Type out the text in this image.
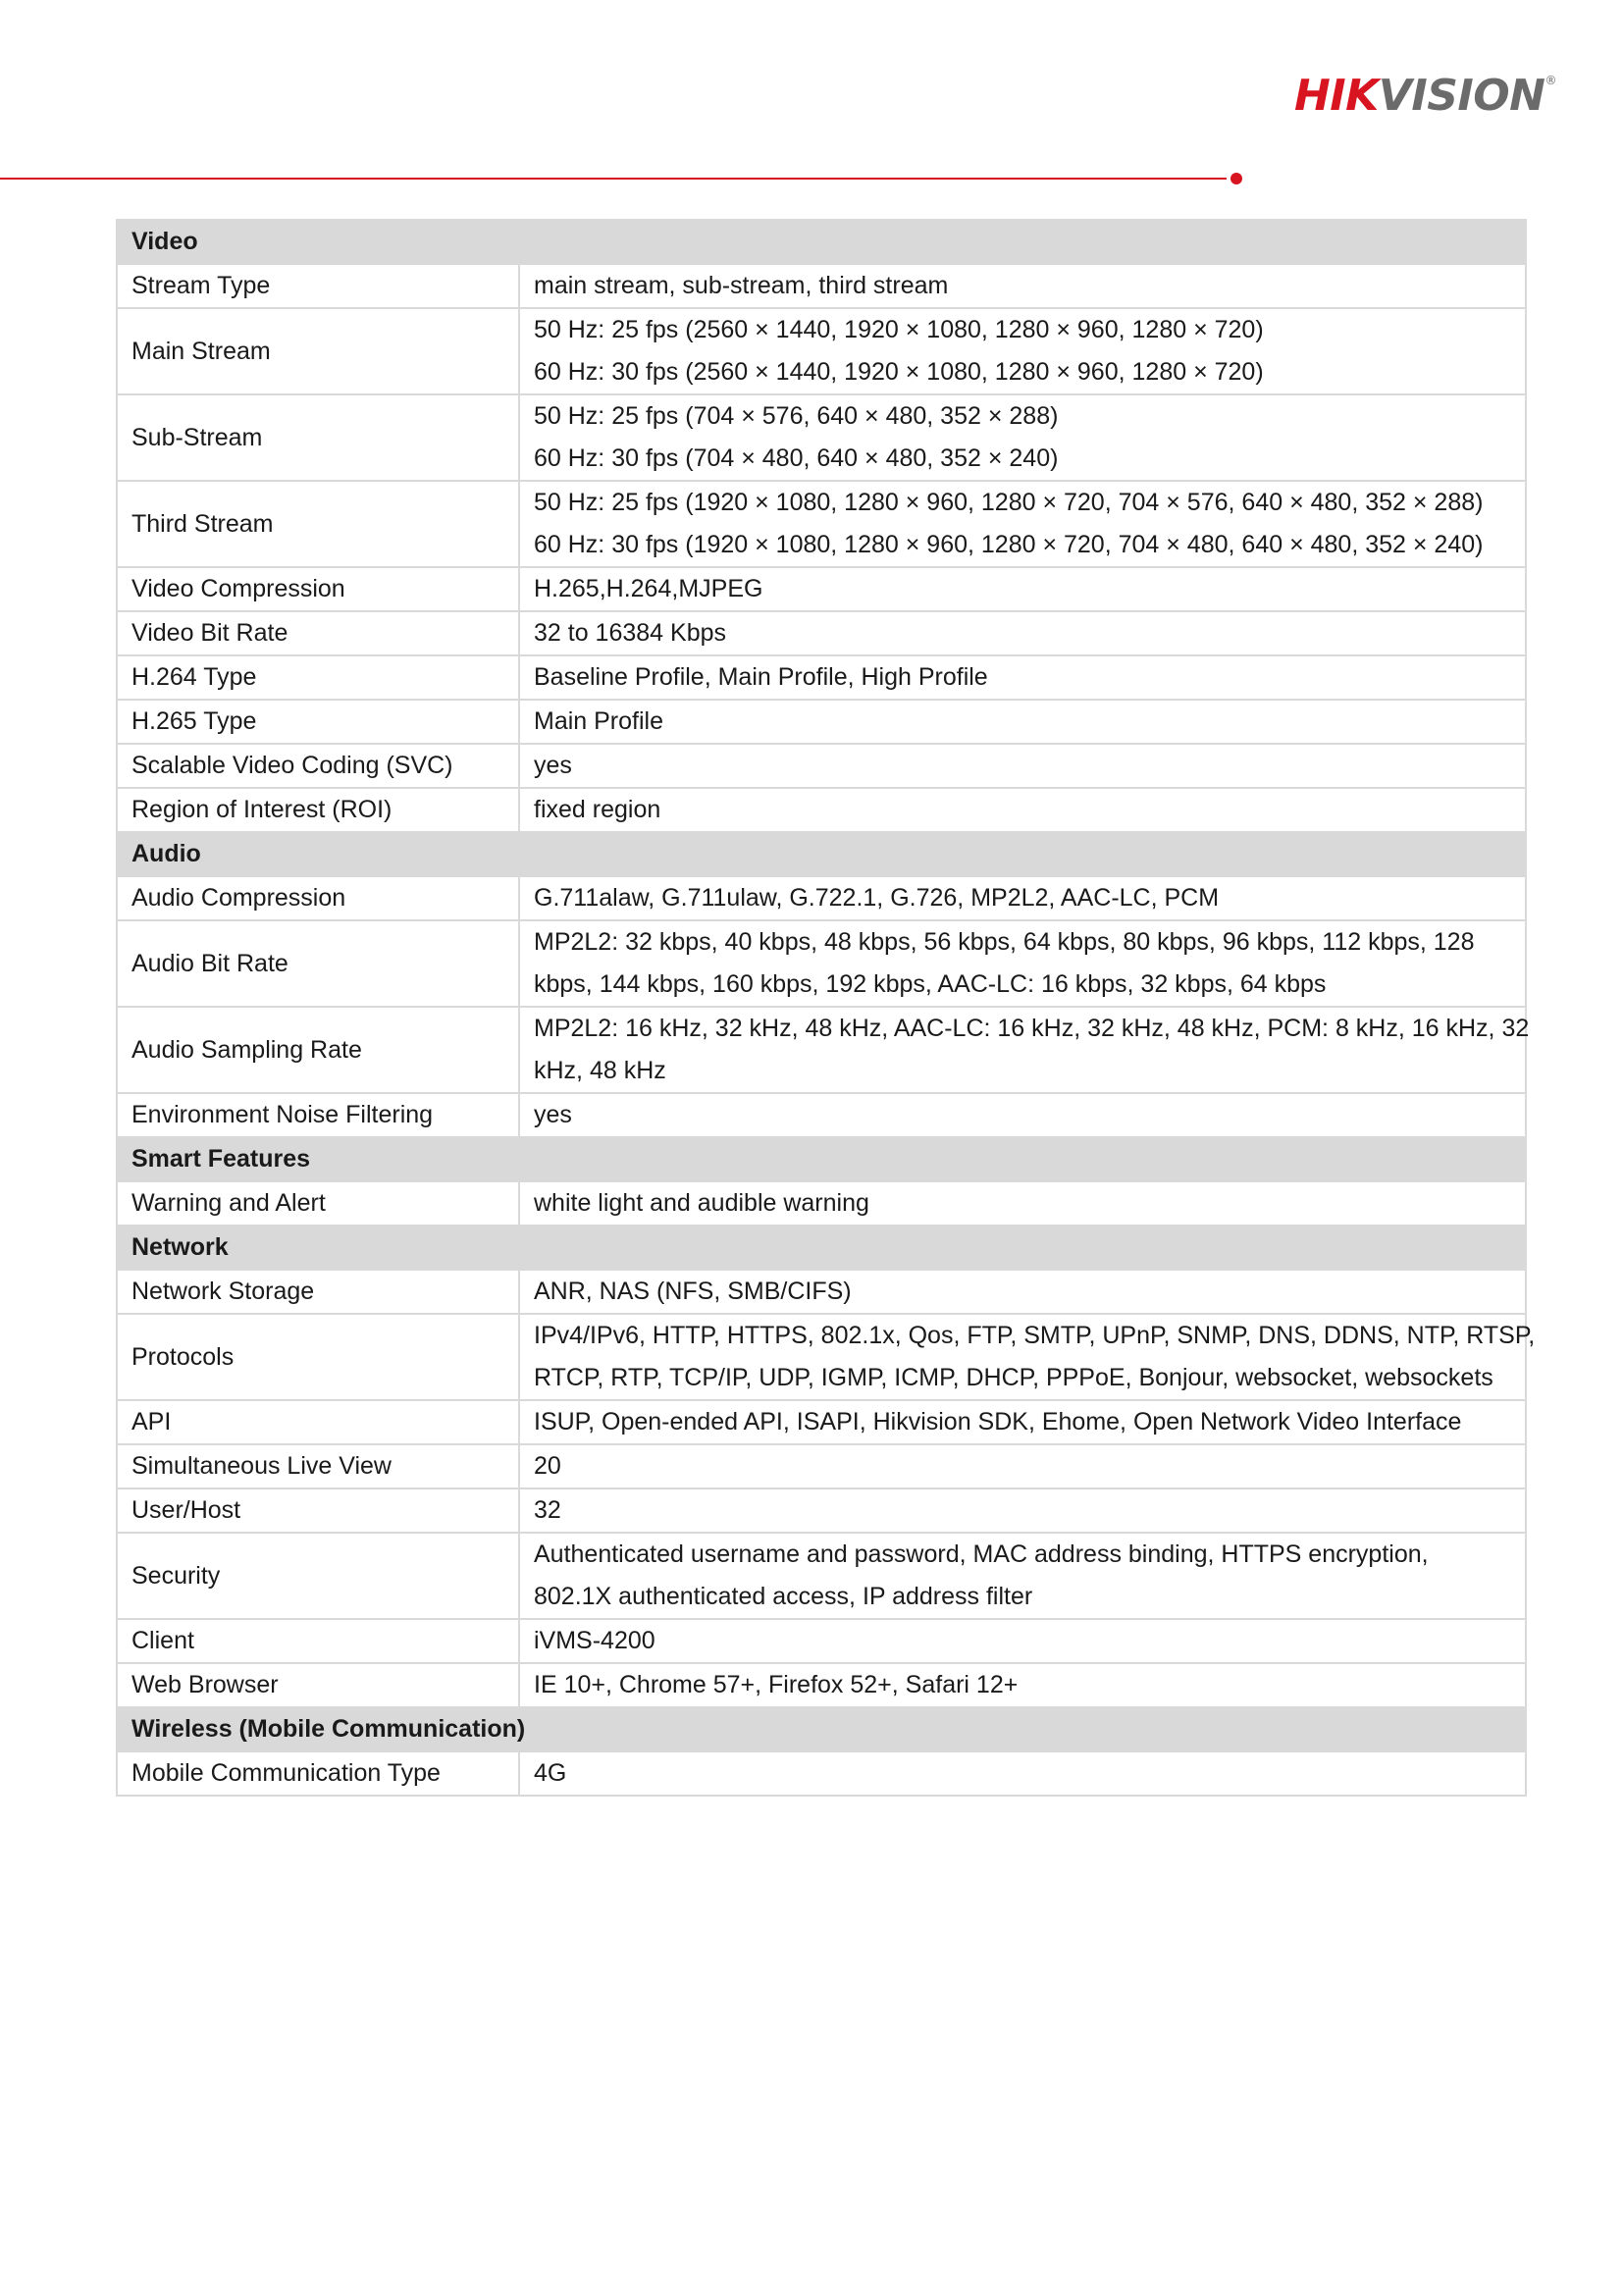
HIKVISION®
Video	
Stream Type	main stream, sub-stream, third stream

Main Stream	50 Hz: 25 fps (2560 × 1440, 1920 × 1080, 1280 × 960, 1280 × 720)
60 Hz: 30 fps (2560 × 1440, 1920 × 1080, 1280 × 960, 1280 × 720)

Sub-Stream	50 Hz: 25 fps (704 × 576, 640 × 480, 352 × 288)
60 Hz: 30 fps (704 × 480, 640 × 480, 352 × 240)

Third Stream	50 Hz: 25 fps (1920 × 1080, 1280 × 960, 1280 × 720, 704 × 576, 640 × 480, 352 × 288)
60 Hz: 30 fps (1920 × 1080, 1280 × 960, 1280 × 720, 704 × 480, 640 × 480, 352 × 240)

Video Compression	H.265,H.264,MJPEG

Video Bit Rate	32 to 16384 Kbps

H.264 Type	Baseline Profile, Main Profile, High Profile

H.265 Type	Main Profile

Scalable Video Coding (SVC)	yes

Region of Interest (ROI)	fixed region

Audio	
Audio Compression	G.711alaw, G.711ulaw, G.722.1, G.726, MP2L2, AAC-LC, PCM

Audio Bit Rate	MP2L2: 32 kbps, 40 kbps, 48 kbps, 56 kbps, 64 kbps, 80 kbps, 96 kbps, 112 kbps, 128
kbps, 144 kbps, 160 kbps, 192 kbps, AAC-LC: 16 kbps, 32 kbps, 64 kbps

Audio Sampling Rate	MP2L2: 16 kHz, 32 kHz, 48 kHz, AAC-LC: 16 kHz, 32 kHz, 48 kHz, PCM: 8 kHz, 16 kHz, 32
kHz, 48 kHz

Environment Noise Filtering	yes

Smart Features	
Warning and Alert	white light and audible warning

Network	
Network Storage	ANR, NAS (NFS, SMB/CIFS)

Protocols	IPv4/IPv6, HTTP, HTTPS, 802.1x, Qos, FTP, SMTP, UPnP, SNMP, DNS, DDNS, NTP, RTSP,
RTCP, RTP, TCP/IP, UDP, IGMP, ICMP, DHCP, PPPoE, Bonjour, websocket, websockets

API	ISUP, Open-ended API, ISAPI, Hikvision SDK, Ehome, Open Network Video Interface

Simultaneous Live View	20

User/Host	32

Security	Authenticated username and password, MAC address binding, HTTPS encryption,
802.1X authenticated access, IP address filter

Client	iVMS-4200

Web Browser	IE 10+, Chrome 57+, Firefox 52+, Safari 12+

Wireless (Mobile Communication)	
Mobile Communication Type	4G
